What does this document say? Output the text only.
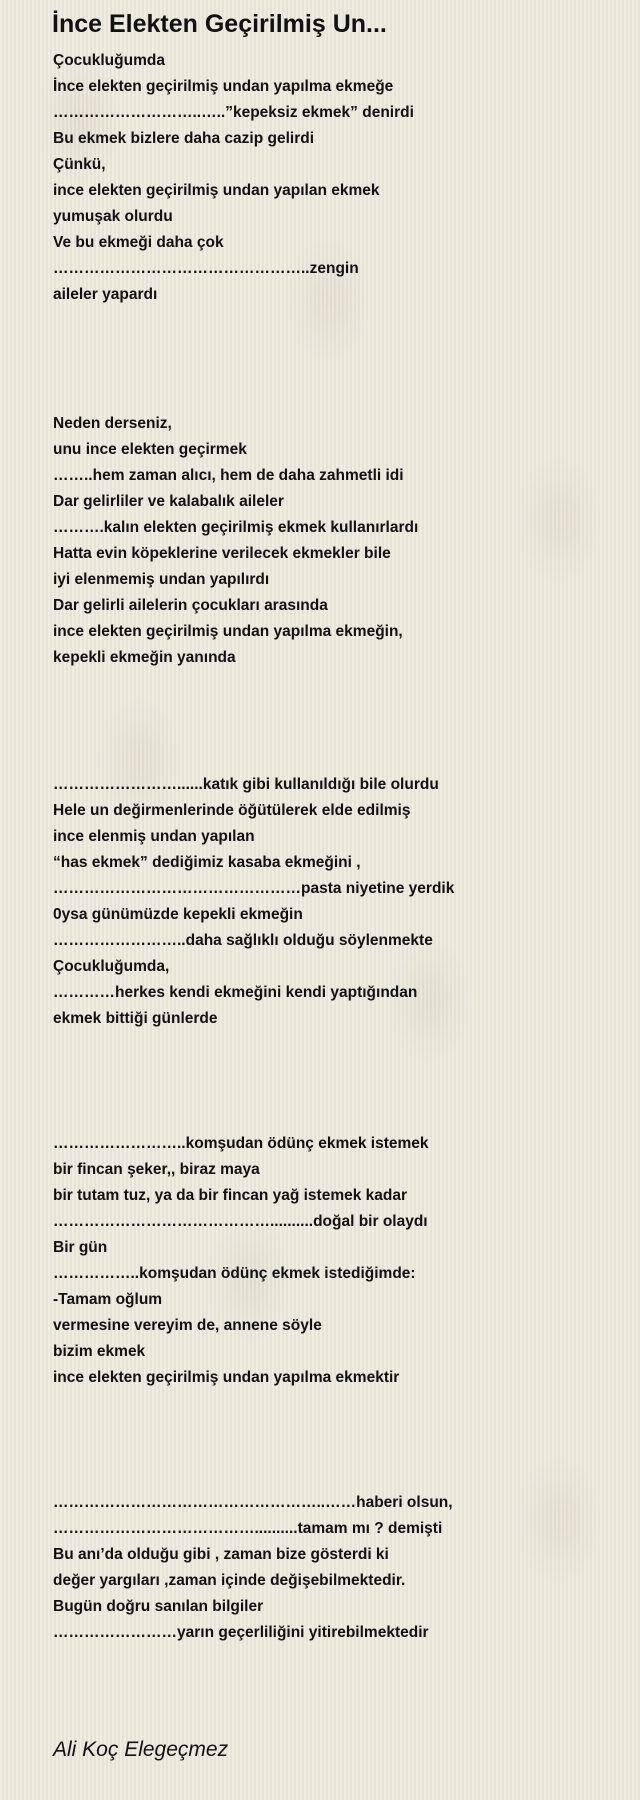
İnce Elekten Geçirilmiş Un...
Çocukluğumda
İnce elekten geçirilmiş undan yapılma ekmeğe
………………………..…..”kepeksiz ekmek” denirdi
Bu ekmek bizlere daha cazip gelirdi
Çünkü,
ince elekten geçirilmiş undan yapılan ekmek
yumuşak olurdu
Ve bu ekmeği daha çok
…………………………………………..zengin
aileler yapardı
Neden derseniz,
unu ince elekten geçirmek
……..hem zaman alıcı, hem de daha zahmetli idi
Dar gelirliler ve kalabalık aileler
……….kalın elekten geçirilmiş ekmek kullanırlardı
Hatta evin köpeklerine verilecek ekmekler bile
iyi elenmemiş undan yapılırdı
Dar gelirli ailelerin çocukları arasında
ince elekten geçirilmiş undan yapılma ekmeğin,
kepekli ekmeğin yanında
……………………......katık gibi kullanıldığı bile olurdu
Hele un değirmenlerinde öğütülerek elde edilmiş
ince elenmiş undan yapılan
“has ekmek” dediğimiz kasaba ekmeğini ,
…………………………………………pasta niyetine yerdik
0ysa günümüzde kepekli ekmeğin
……………………..daha sağlıklı olduğu söylenmekte
Çocukluğumda,
…………herkes kendi ekmeğini kendi yaptığından
ekmek bittiği günlerde
……………………..komşudan ödünç ekmek istemek
bir fincan şeker,, biraz maya
bir tutam tuz, ya da bir fincan yağ istemek kadar
……………………………………..........doğal bir olaydı
Bir gün
……………..komşudan ödünç ekmek istediğimde:
-Tamam oğlum
vermesine vereyim de, annene söyle
bizim ekmek
ince elekten geçirilmiş undan yapılma ekmektir
……………………………………………..……haberi olsun,
…………………………………..........tamam mı ? demişti
Bu anı’da olduğu gibi , zaman bize gösterdi ki
değer yargıları ,zaman içinde değişebilmektedir.
Bugün doğru sanılan bilgiler
……………………yarın geçerliliğini yitirebilmektedir
Ali Koç Elegeçmez
